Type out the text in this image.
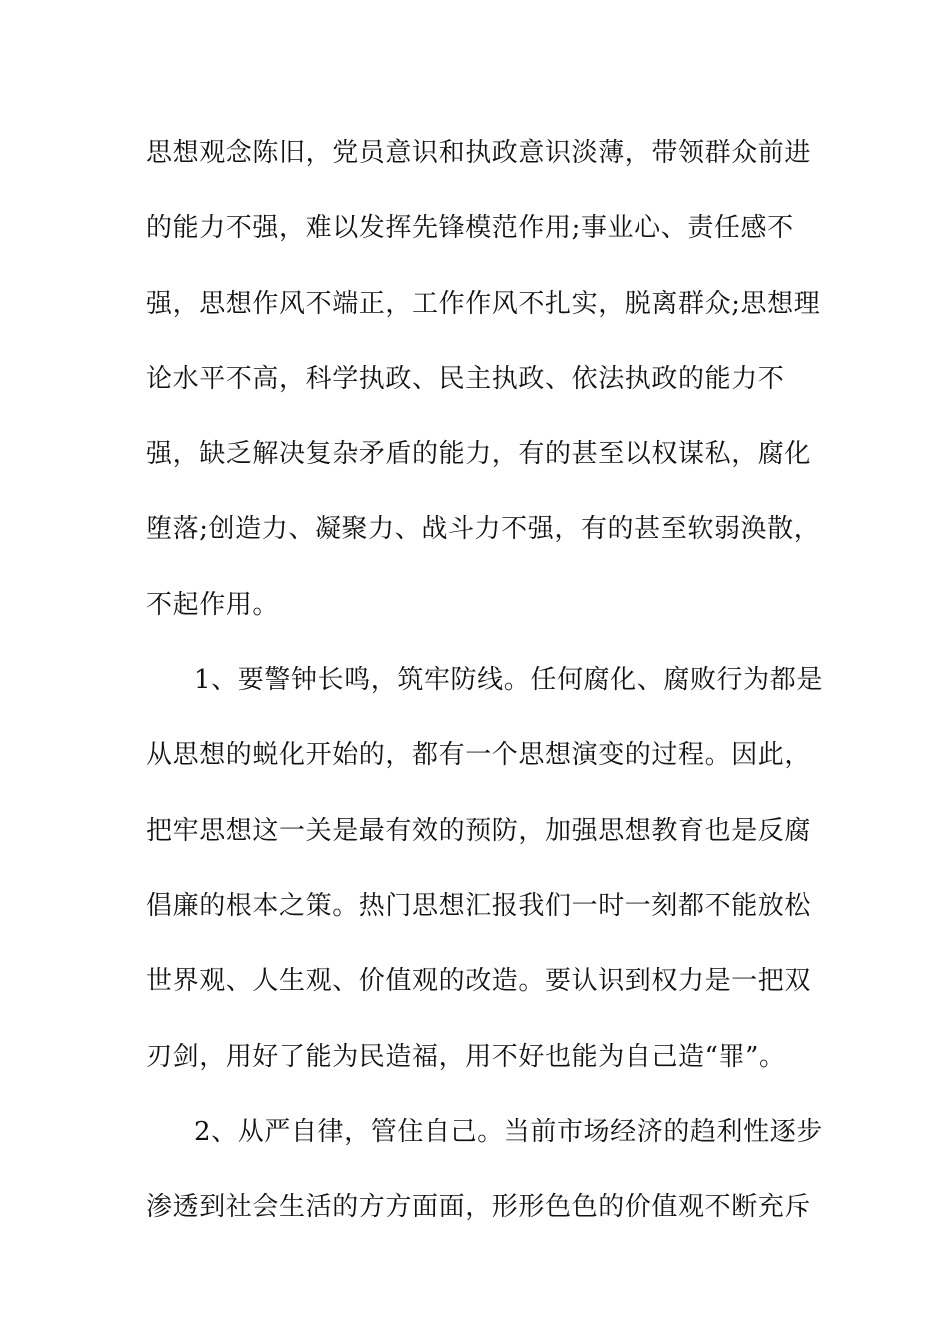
思想观念陈旧，党员意识和执政意识淡薄，带领群众前进
的能力不强，难以发挥先锋模范作用;事业心、责任感不
强，思想作风不端正，工作作风不扎实，脱离群众;思想理
论水平不高，科学执政、民主执政、依法执政的能力不
强，缺乏解决复杂矛盾的能力，有的甚至以权谋私，腐化
堕落;创造力、凝聚力、战斗力不强，有的甚至软弱涣散，
不起作用。
1、要警钟长鸣，筑牢防线。任何腐化、腐败行为都是
从思想的蜕化开始的，都有一个思想演变的过程。因此，
把牢思想这一关是最有效的预防，加强思想教育也是反腐
倡廉的根本之策。热门思想汇报我们一时一刻都不能放松
世界观、人生观、价值观的改造。要认识到权力是一把双
刃剑，用好了能为民造福，用不好也能为自己造“罪”。
2、从严自律，管住自己。当前市场经济的趋利性逐步
渗透到社会生活的方方面面，形形色色的价值观不断充斥
